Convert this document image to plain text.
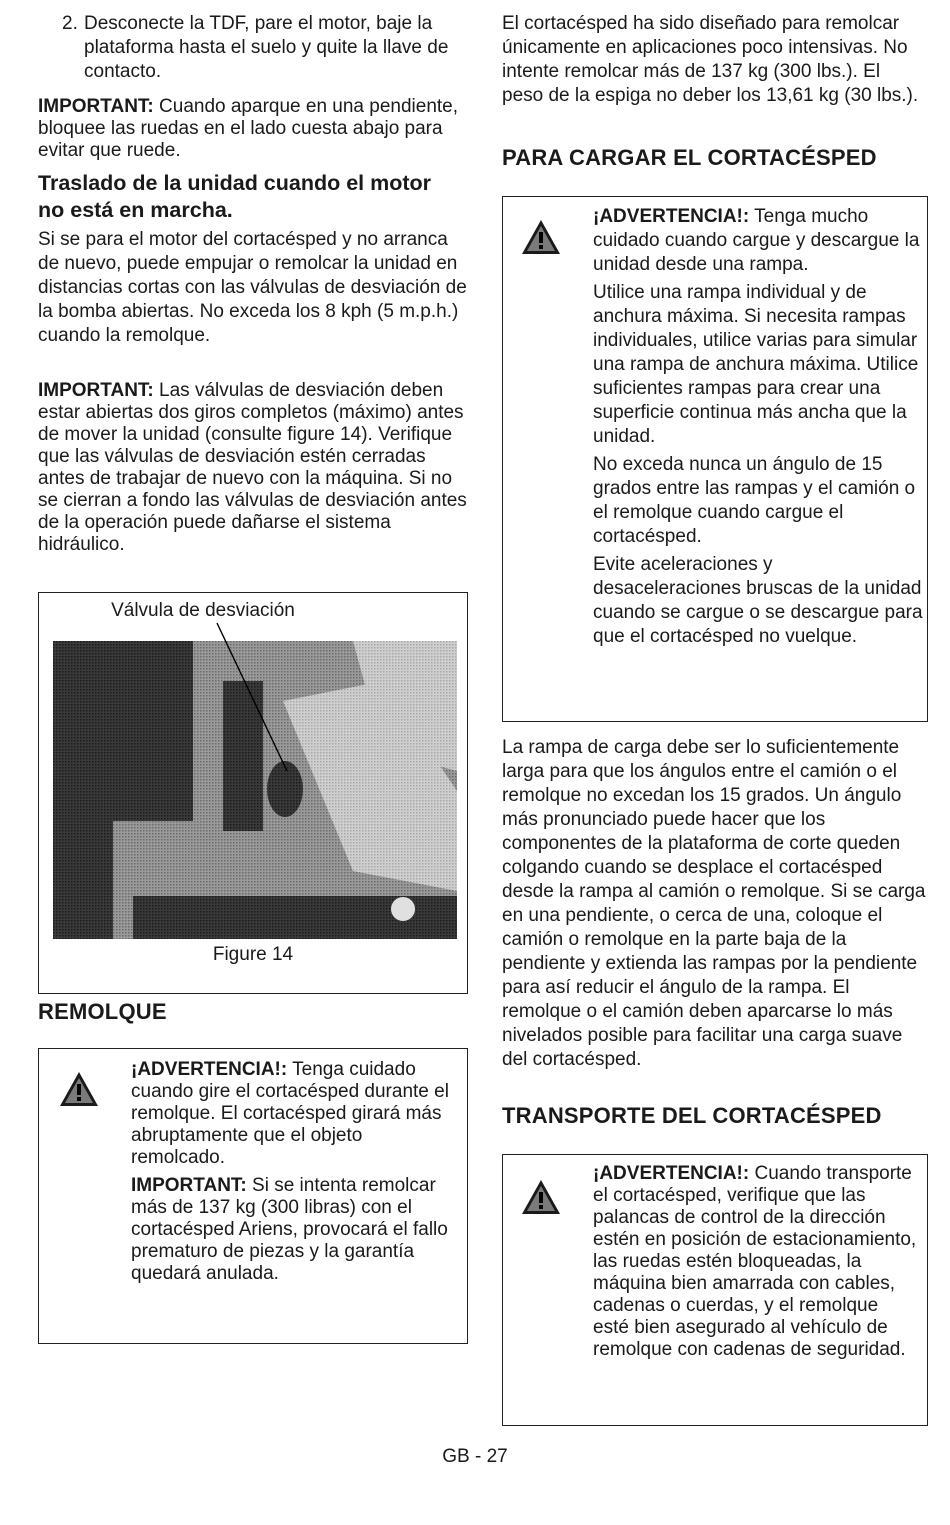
2. Desconecte la TDF, pare el motor, baje la plataforma hasta el suelo y quite la llave de contacto.

IMPORTANT: Cuando aparque en una pendiente, bloquee las ruedas en el lado cuesta abajo para evitar que ruede.

Traslado de la unidad cuando el motor no está en marcha.

Si se para el motor del cortacésped y no arranca de nuevo, puede empujar o remolcar la unidad en distancias cortas con las válvulas de desviación de la bomba abiertas. No exceda los 8 kph (5 m.p.h.) cuando la remolque.

IMPORTANT: Las válvulas de desviación deben estar abiertas dos giros completos (máximo) antes de mover la unidad (consulte figure 14). Verifique que las válvulas de desviación estén cerradas antes de trabajar de nuevo con la máquina. Si no se cierran a fondo las válvulas de desviación antes de la operación puede dañarse el sistema hidráulico.

Válvula de desviación
Figure 14
REMOLQUE

¡ADVERTENCIA!: Tenga cuidado cuando gire el cortacésped durante el remolque. El cortacésped girará más abruptamente que el objeto remolcado.

IMPORTANT: Si se intenta remolcar más de 137 kg (300 libras) con el cortacésped Ariens, provocará el fallo prematuro de piezas y la garantía quedará anulada.

El cortacésped ha sido diseñado para remolcar únicamente en aplicaciones poco intensivas. No intente remolcar más de 137 kg (300 lbs.). El peso de la espiga no deber los 13,61 kg (30 lbs.).

PARA CARGAR EL CORTACÉSPED

¡ADVERTENCIA!: Tenga mucho cuidado cuando cargue y descargue la unidad desde una rampa.

Utilice una rampa individual y de anchura máxima. Si necesita rampas individuales, utilice varias para simular una rampa de anchura máxima. Utilice suficientes rampas para crear una superficie continua más ancha que la unidad.

No exceda nunca un ángulo de 15 grados entre las rampas y el camión o el remolque cuando cargue el cortacésped.

Evite aceleraciones y desaceleraciones bruscas de la unidad cuando se cargue o se descargue para que el cortacésped no vuelque.

La rampa de carga debe ser lo suficientemente larga para que los ángulos entre el camión o el remolque no excedan los 15 grados. Un ángulo más pronunciado puede hacer que los componentes de la plataforma de corte queden colgando cuando se desplace el cortacésped desde la rampa al camión o remolque. Si se carga en una pendiente, o cerca de una, coloque el camión o remolque en la parte baja de la pendiente y extienda las rampas por la pendiente para así reducir el ángulo de la rampa. El remolque o el camión deben aparcarse lo más nivelados posible para facilitar una carga suave del cortacésped.

TRANSPORTE DEL CORTACÉSPED

¡ADVERTENCIA!: Cuando transporte el cortacésped, verifique que las palancas de control de la dirección estén en posición de estacionamiento, las ruedas estén bloqueadas, la máquina bien amarrada con cables, cadenas o cuerdas, y el remolque esté bien asegurado al vehículo de remolque con cadenas de seguridad.

GB - 27
